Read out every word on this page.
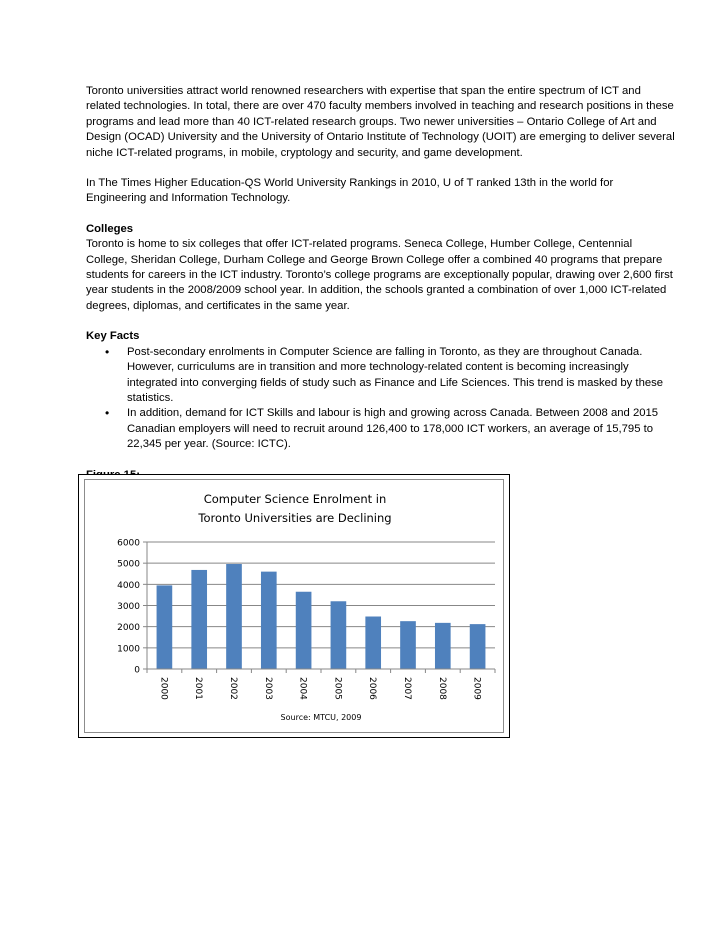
Toronto universities attract world renowned researchers with expertise that span the entire spectrum of ICT and related technologies. In total, there are over 470 faculty members involved in teaching and research positions in these programs and lead more than 40 ICT-related research groups. Two newer universities – Ontario College of Art and Design (OCAD) University and the University of Ontario Institute of Technology (UOIT) are emerging to deliver several niche ICT-related programs, in mobile, cryptology and security, and game development.

In The Times Higher Education-QS World University Rankings in 2010, U of T ranked 13th in the world for Engineering and Information Technology.

Colleges

Toronto is home to six colleges that offer ICT-related programs. Seneca College, Humber College, Centennial College, Sheridan College, Durham College and George Brown College offer a combined 40 programs that prepare students for careers in the ICT industry. Toronto’s college programs are exceptionally popular, drawing over 2,600 first year students in the 2008/2009 school year. In addition, the schools granted a combination of over 1,000 ICT-related degrees, diplomas, and certificates in the same year.

Key Facts

• Post-secondary enrolments in Computer Science are falling in Toronto, as they are throughout Canada. However, curriculums are in transition and more technology-related content is becoming increasingly integrated into converging fields of study such as Finance and Life Sciences. This trend is masked by these statistics.
• In addition, demand for ICT Skills and labour is high and growing across Canada. Between 2008 and 2015 Canadian employers will need to recruit around 126,400 to 178,000 ICT workers, an average of 15,795 to 22,345 per year. (Source: ICTC).

Computer Science Enrolment in
Toronto Universities are Declining
0
1000
2000
3000
4000
5000
6000
2000	2001	2002	2003	2004	2005	2006	2007	2008	2009
Source: MTCU, 2009
